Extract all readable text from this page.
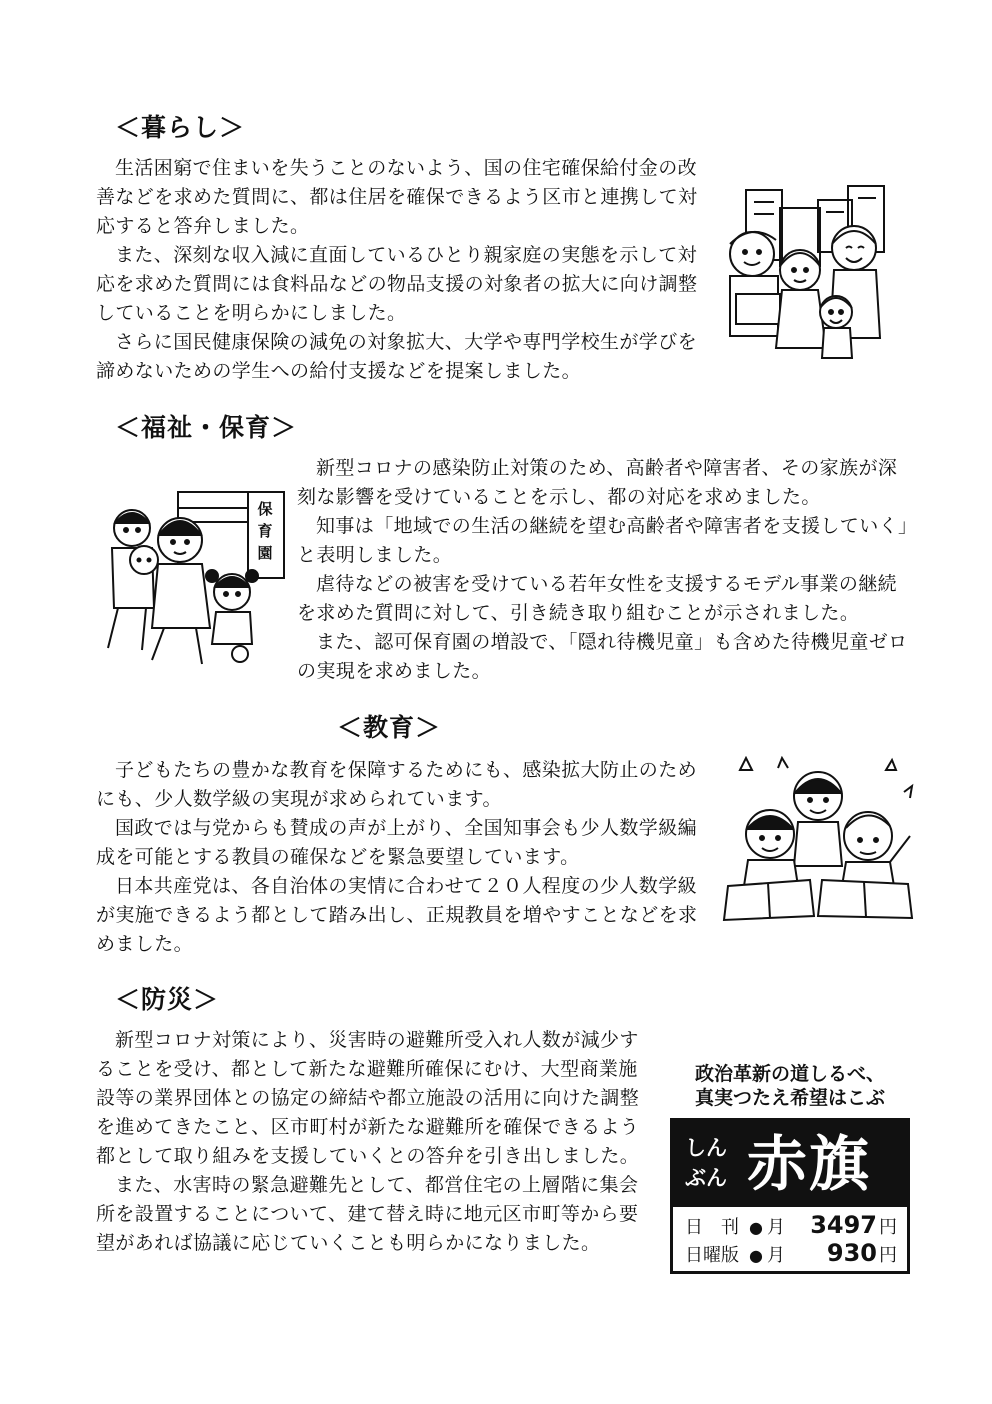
＜暮らし＞

生活困窮で住まいを失うことのないよう、国の住宅確保給付金の改善などを求めた質問に、都は住居を確保できるよう区市と連携して対応すると答弁しました。

また、深刻な収入減に直面しているひとり親家庭の実態を示して対応を求めた質問には食料品などの物品支援の対象者の拡大に向け調整していることを明らかにしました。

さらに国民健康保険の減免の対象拡大、大学や専門学校生が学びを諦めないための学生への給付支援などを提案しました。

＜福祉・保育＞

新型コロナの感染防止対策のため、高齢者や障害者、その家族が深刻な影響を受けていることを示し、都の対応を求めました。

知事は「地域での生活の継続を望む高齢者や障害者を支援していく」と表明しました。

虐待などの被害を受けている若年女性を支援するモデル事業の継続を求めた質問に対して、引き続き取り組むことが示されました。

また、認可保育園の増設で、「隠れ待機児童」も含めた待機児童ゼロの実現を求めました。

保育園
＜教育＞

子どもたちの豊かな教育を保障するためにも、感染拡大防止のためにも、少人数学級の実現が求められています。

国政では与党からも賛成の声が上がり、全国知事会も少人数学級編成を可能とする教員の確保などを緊急要望しています。

日本共産党は、各自治体の実情に合わせて２０人程度の少人数学級が実施できるよう都として踏み出し、正規教員を増やすことなどを求めました。

＜防災＞

新型コロナ対策により、災害時の避難所受入れ人数が減少することを受け、都として新たな避難所確保にむけ、大型商業施設等の業界団体との協定の締結や都立施設の活用に向けた調整を進めてきたこと、区市町村が新たな避難所を確保できるよう都として取り組みを支援していくとの答弁を引き出しました。

また、水害時の緊急避難先として、都営住宅の上層階に集会所を設置することについて、建て替え時に地元区市町等から要望があれば協議に応じていくことも明らかになりました。

政治革新の道しるべ、
真実つたえ希望はこぶ
しん
ぶん 赤旗
日　刊 ● 月	3497 円
日曜版 ● 月	930 円
